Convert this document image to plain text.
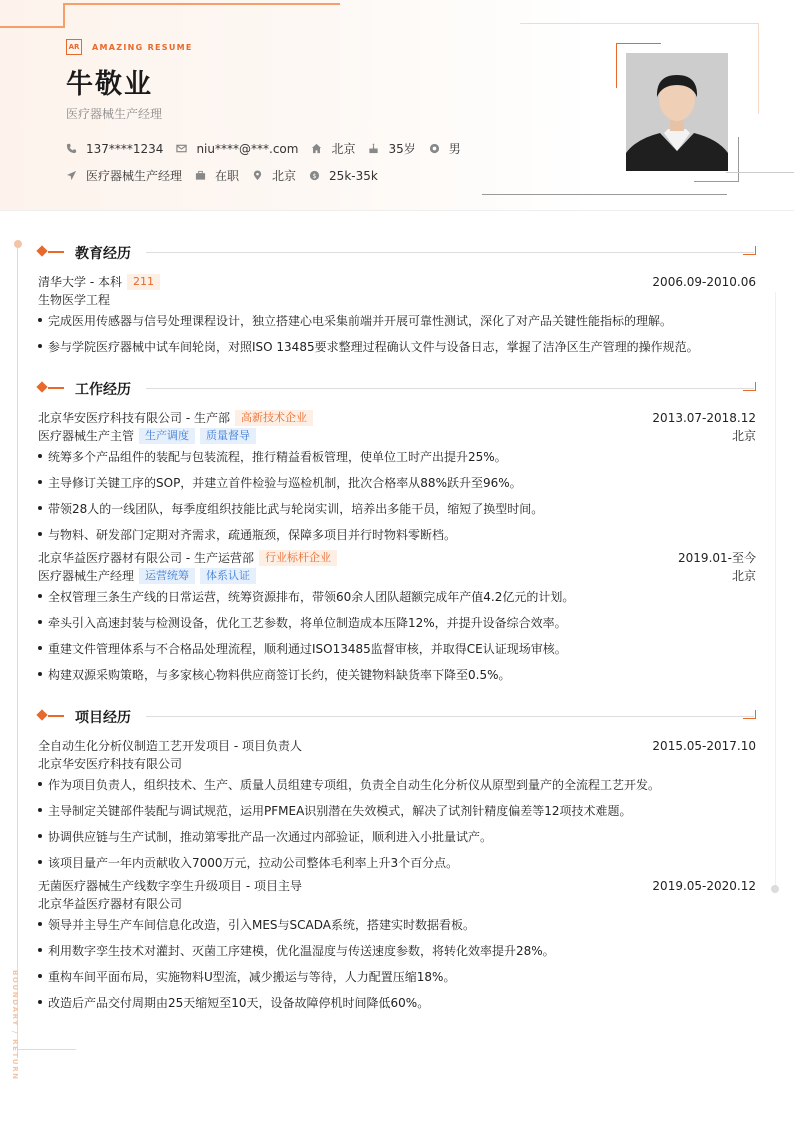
AR	AMAZING RESUME
牛敬业
医疗器械生产经理
137****1234	niu****@***.com	北京	35岁	男
医疗器械生产经理	在职	北京 $ 25k-35k
BOUNDARY / RETURN
教育经历
清华大学 - 本科	211	2006.09-2010.06
生物医学工程
完成医用传感器与信号处理课程设计，独立搭建心电采集前端并开展可靠性测试，深化了对产品关键性能指标的理解。
参与学院医疗器械中试车间轮岗，对照ISO 13485要求整理过程确认文件与设备日志，掌握了洁净区生产管理的操作规范。
工作经历
北京华安医疗科技有限公司 - 生产部	高新技术企业	2013.07-2018.12
医疗器械生产主管	生产调度	质量督导	北京
统筹多个产品组件的装配与包装流程，推行精益看板管理，使单位工时产出提升25%。
主导修订关键工序的SOP，并建立首件检验与巡检机制，批次合格率从88%跃升至96%。
带领28人的一线团队，每季度组织技能比武与轮岗实训，培养出多能干员，缩短了换型时间。
与物料、研发部门定期对齐需求，疏通瓶颈，保障多项目并行时物料零断档。
北京华益医疗器材有限公司 - 生产运营部	行业标杆企业	2019.01-至今
医疗器械生产经理	运营统筹	体系认证	北京
全权管理三条生产线的日常运营，统筹资源排布，带领60余人团队超额完成年产值4.2亿元的计划。
牵头引入高速封装与检测设备，优化工艺参数，将单位制造成本压降12%，并提升设备综合效率。
重建文件管理体系与不合格品处理流程，顺利通过ISO13485监督审核，并取得CE认证现场审核。
构建双源采购策略，与多家核心物料供应商签订长约，使关键物料缺货率下降至0.5%。
项目经历
全自动生化分析仪制造工艺开发项目 - 项目负责人	2015.05-2017.10
北京华安医疗科技有限公司
作为项目负责人，组织技术、生产、质量人员组建专项组，负责全自动生化分析仪从原型到量产的全流程工艺开发。
主导制定关键部件装配与调试规范，运用PFMEA识别潜在失效模式，解决了试剂针精度偏差等12项技术难题。
协调供应链与生产试制，推动第零批产品一次通过内部验证，顺利进入小批量试产。
该项目量产一年内贡献收入7000万元，拉动公司整体毛利率上升3个百分点。
无菌医疗器械生产线数字孪生升级项目 - 项目主导	2019.05-2020.12
北京华益医疗器材有限公司
领导并主导生产车间信息化改造，引入MES与SCADA系统，搭建实时数据看板。
利用数字孪生技术对灌封、灭菌工序建模，优化温湿度与传送速度参数，将转化效率提升28%。
重构车间平面布局，实施物料U型流，减少搬运与等待，人力配置压缩18%。
改造后产品交付周期由25天缩短至10天，设备故障停机时间降低60%。
